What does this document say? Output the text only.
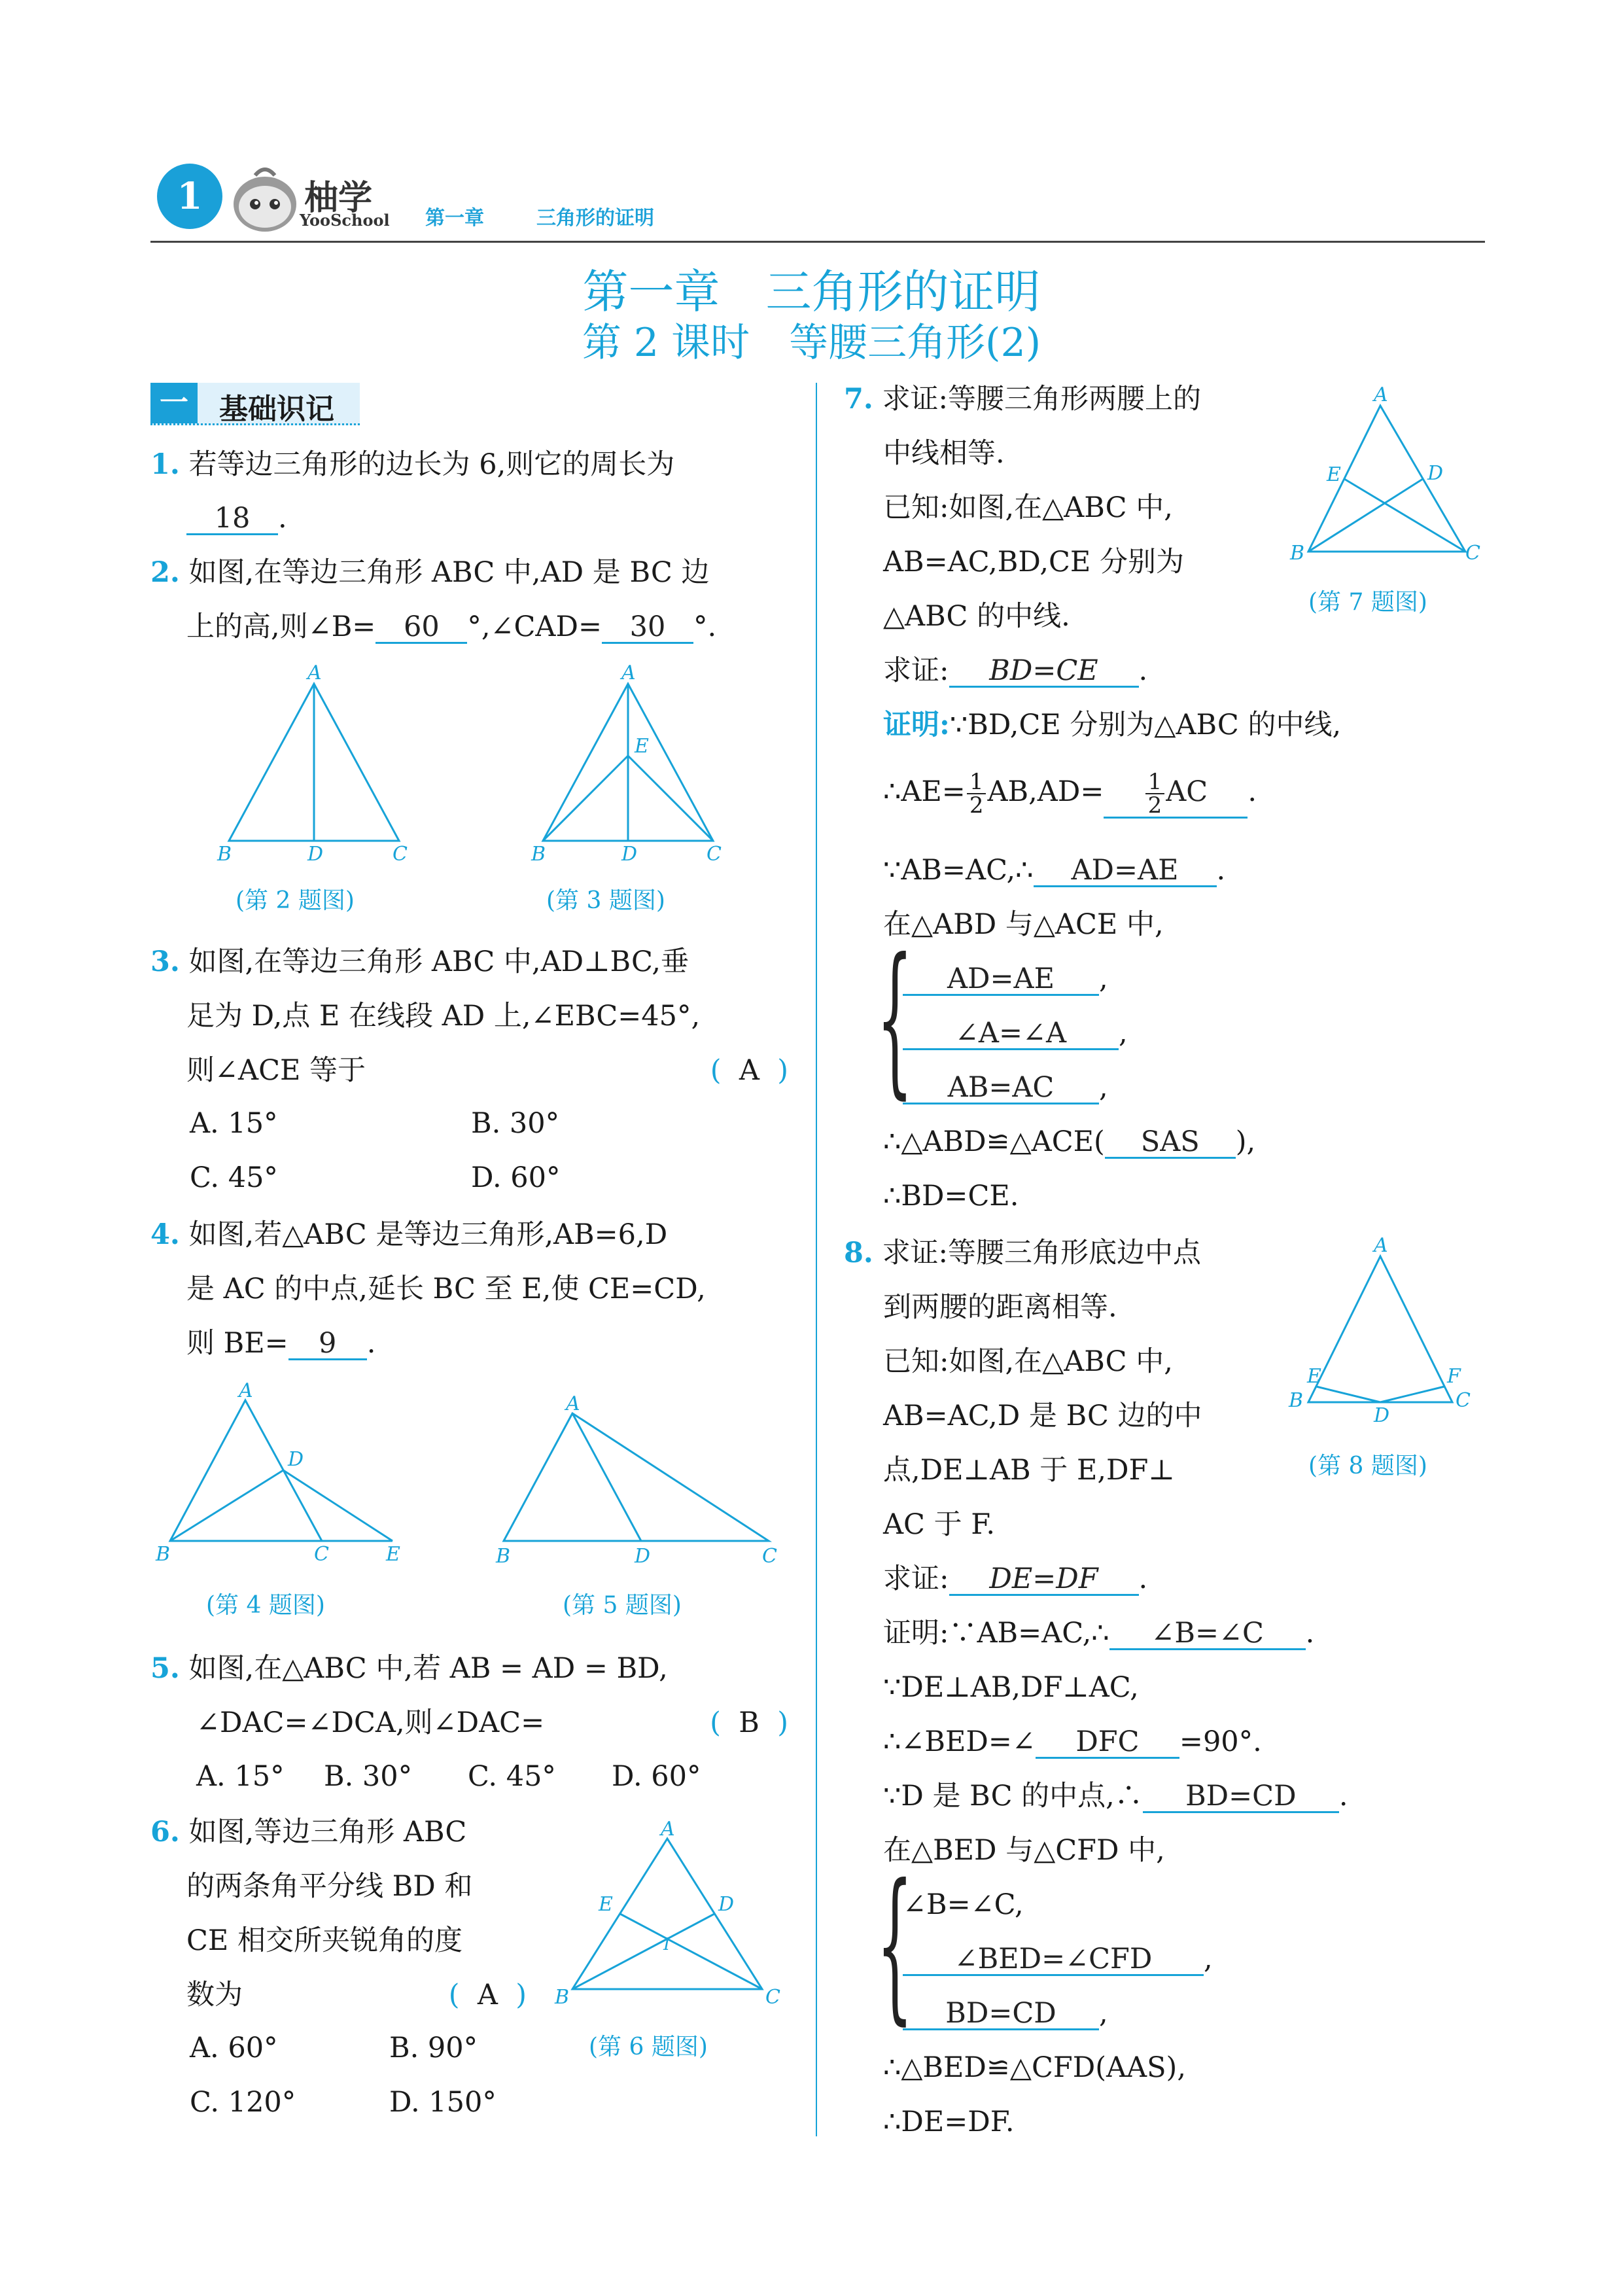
1	柚学
YooSchool 第一章	三角形的证明
第一章　三角形的证明
第 2 课时　等腰三角形(2)
一	基础识记
1. 若等边三角形的边长为 6,则它的周长为
18 .
2. 如图,在等边三角形 ABC 中,AD 是 BC 边
上的高,则∠B= 60 °,∠CAD= 30 °.
A
B	D	C
(第 2 题图)
A
E
B	D	C
(第 3 题图)
3. 如图,在等边三角形 ABC 中,AD⊥BC,垂
足为 D,点 E 在线段 AD 上,∠EBC=45°,
则∠ACE 等于	( A )
A. 15°	B. 30°
C. 45°	D. 60°
4. 如图,若△ABC 是等边三角形,AB=6,D
是 AC 的中点,延长 BC 至 E,使 CE=CD,
则 BE= 9 .
A
D
B	C	E
(第 4 题图)
A
B	D	C
(第 5 题图)
5. 如图,在△ABC 中,若 AB = AD = BD,
∠DAC=∠DCA,则∠DAC=	( B )
A. 15° B. 30° C. 45° D. 60°
6. 如图,等边三角形 ABC
的两条角平分线 BD 和
CE 相交所夹锐角的度
数为	( A )
A. 60°	B. 90°
C. 120°	D. 150°
A
E	D
I
B	C
(第 6 题图)
7. 求证:等腰三角形两腰上的
中线相等.
已知:如图,在△ABC 中,
AB=AC,BD,CE 分别为
△ABC 的中线.
求证: BD=CE .
证明:∵BD,CE 分别为△ABC 的中线,
∴AE= $\frac{1}{2} AB,AD= \frac{1}{2}$ AC .
∵AB=AC,∴ AD=AE .
在△ABD 与△ACE 中,
{	AD=AE ,
∠A=∠A ,
AB=AC ,
∴△ABD≌△ACE( SAS ),
∴BD=CE.
A
E	D
B	C
(第 7 题图)
8. 求证:等腰三角形底边中点
到两腰的距离相等.
已知:如图,在△ABC 中,
AB=AC,D 是 BC 边的中
点,DE⊥AB 于 E,DF⊥
AC 于 F.
求证: DE=DF .
证明:∵AB=AC,∴ ∠B=∠C .
∵DE⊥AB,DF⊥AC,
∴∠BED=∠ DFC =90°.
∵D 是 BC 的中点,∴ BD=CD .
在△BED 与△CFD 中,
{
∠B=∠C,
∠BED=∠CFD ,
BD=CD ,
∴△BED≌△CFD(AAS),
∴DE=DF.
A
E	F
B	C
D
(第 8 题图)
